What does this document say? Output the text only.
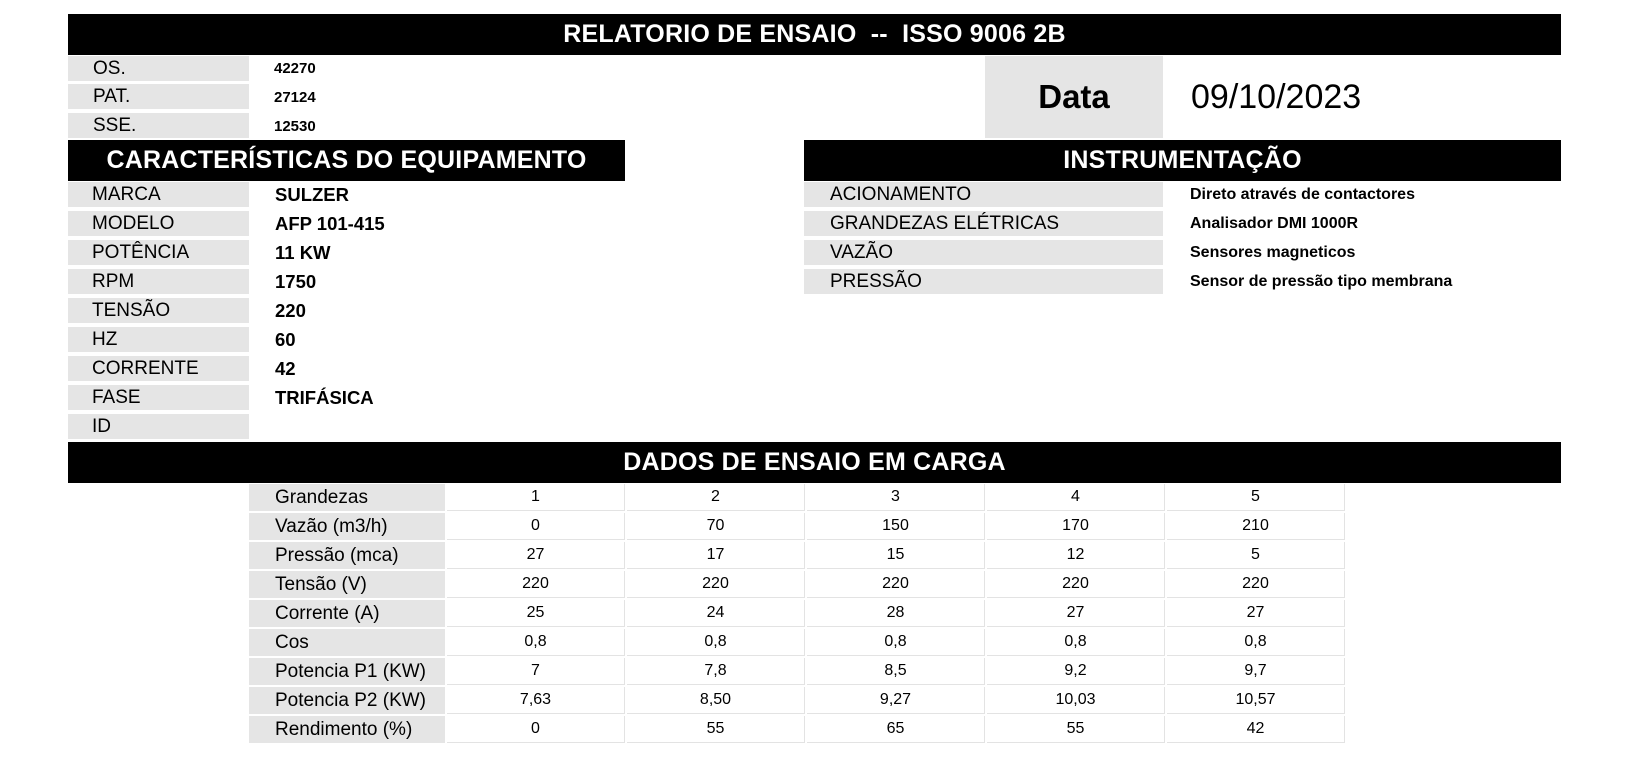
RELATORIO DE ENSAIO  --  ISSO 9006 2B
OS.	42270
PAT.	27124
SSE.	12530
Data	09/10/2023
CARACTERÍSTICAS DO EQUIPAMENTO
MARCA	SULZER
MODELO	AFP 101-415
POTÊNCIA	11 KW
RPM	1750
TENSÃO	220
HZ	60
CORRENTE	42
FASE	TRIFÁSICA
ID
INSTRUMENTAÇÃO
ACIONAMENTO	Direto através de contactores
GRANDEZAS ELÉTRICAS	Analisador DMI 1000R
VAZÃO	Sensores magneticos
PRESSÃO	Sensor de pressão tipo membrana
DADOS DE ENSAIO EM CARGA
Grandezas	1	2	3	4	5
Vazão (m3/h)	0	70	150	170	210
Pressão (mca)	27	17	15	12	5
Tensão (V)	220	220	220	220	220
Corrente (A)	25	24	28	27	27
Cos	0,8	0,8	0,8	0,8	0,8
Potencia P1 (KW)	7	7,8	8,5	9,2	9,7
Potencia P2 (KW)	7,63	8,50	9,27	10,03	10,57
Rendimento (%)	0	55	65	55	42
